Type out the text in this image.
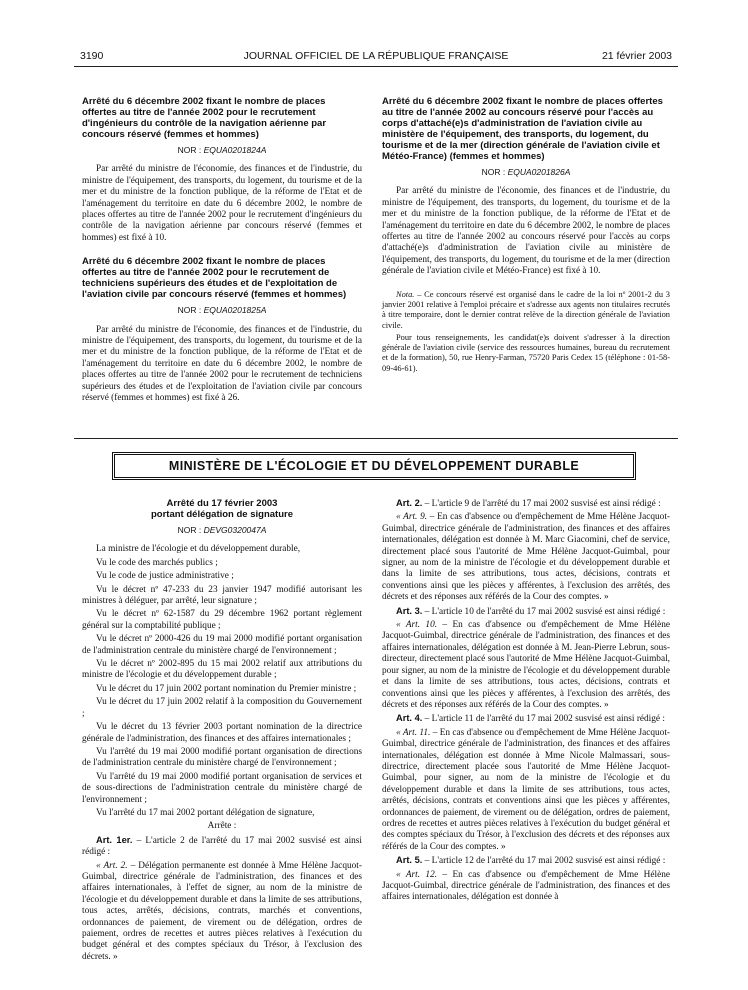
3190	JOURNAL OFFICIEL DE LA RÉPUBLIQUE FRANÇAISE	21 février 2003
Arrêté du 6 décembre 2002 fixant le nombre de places offertes au titre de l'année 2002 pour le recrutement d'ingénieurs du contrôle de la navigation aérienne par concours réservé (femmes et hommes)
NOR : EQUA0201824A

Par arrêté du ministre de l'économie, des finances et de l'industrie, du ministre de l'équipement, des transports, du logement, du tourisme et de la mer et du ministre de la fonction publique, de la réforme de l'Etat et de l'aménagement du territoire en date du 6 décembre 2002, le nombre de places offertes au titre de l'année 2002 pour le recrutement d'ingénieurs du contrôle de la navigation aérienne par concours réservé (femmes et hommes) est fixé à 10.

Arrêté du 6 décembre 2002 fixant le nombre de places offertes au titre de l'année 2002 pour le recrutement de techniciens supérieurs des études et de l'exploitation de l'aviation civile par concours réservé (femmes et hommes)
NOR : EQUA0201825A

Par arrêté du ministre de l'économie, des finances et de l'industrie, du ministre de l'équipement, des transports, du logement, du tourisme et de la mer et du ministre de la fonction publique, de la réforme de l'Etat et de l'aménagement du territoire en date du 6 décembre 2002, le nombre de places offertes au titre de l'année 2002 pour le recrutement de techniciens supérieurs des études et de l'exploitation de l'aviation civile par concours réservé (femmes et hommes) est fixé à 26.

Arrêté du 6 décembre 2002 fixant le nombre de places offertes au titre de l'année 2002 au concours réservé pour l'accès au corps d'attaché(e)s d'administration de l'aviation civile au ministère de l'équipement, des transports, du logement, du tourisme et de la mer (direction générale de l'aviation civile et Météo-France) (femmes et hommes)
NOR : EQUA0201826A

Par arrêté du ministre de l'économie, des finances et de l'industrie, du ministre de l'équipement, des transports, du logement, du tourisme et de la mer et du ministre de la fonction publique, de la réforme de l'Etat et de l'aménagement du territoire en date du 6 décembre 2002, le nombre de places offertes au titre de l'année 2002 au concours réservé pour l'accès au corps d'attaché(e)s d'administration de l'aviation civile au ministère de l'équipement, des transports, du logement, du tourisme et de la mer (direction générale de l'aviation civile et Météo-France) est fixé à 10.

Nota. – Ce concours réservé est organisé dans le cadre de la loi nº 2001-2 du 3 janvier 2001 relative à l'emploi précaire et s'adresse aux agents non titulaires recrutés à titre temporaire, dont le dernier contrat relève de la direction générale de l'aviation civile.

Pour tous renseignements, les candidat(e)s doivent s'adresser à la direction générale de l'aviation civile (service des ressources humaines, bureau du recrutement et de la formation), 50, rue Henry-Farman, 75720 Paris Cedex 15 (téléphone : 01-58-09-46-61).

MINISTÈRE DE L'ÉCOLOGIE ET DU DÉVELOPPEMENT DURABLE
Arrêté du 17 février 2003
portant délégation de signature
NOR : DEVG0320047A

La ministre de l'écologie et du développement durable,

Vu le code des marchés publics ;

Vu le code de justice administrative ;

Vu le décret nº 47-233 du 23 janvier 1947 modifié autorisant les ministres à déléguer, par arrêté, leur signature ;

Vu le décret nº 62-1587 du 29 décembre 1962 portant règlement général sur la comptabilité publique ;

Vu le décret nº 2000-426 du 19 mai 2000 modifié portant organisation de l'administration centrale du ministère chargé de l'environnement ;

Vu le décret nº 2002-895 du 15 mai 2002 relatif aux attributions du ministre de l'écologie et du développement durable ;

Vu le décret du 17 juin 2002 portant nomination du Premier ministre ;

Vu le décret du 17 juin 2002 relatif à la composition du Gouvernement ;

Vu le décret du 13 février 2003 portant nomination de la directrice générale de l'administration, des finances et des affaires internationales ;

Vu l'arrêté du 19 mai 2000 modifié portant organisation de directions de l'administration centrale du ministère chargé de l'environnement ;

Vu l'arrêté du 19 mai 2000 modifié portant organisation de services et de sous-directions de l'administration centrale du ministère chargé de l'environnement ;

Vu l'arrêté du 17 mai 2002 portant délégation de signature,

Arrête :

Art. 1er. – L'article 2 de l'arrêté du 17 mai 2002 susvisé est ainsi rédigé :

« Art. 2. – Délégation permanente est donnée à Mme Hélène Jacquot-Guimbal, directrice générale de l'administration, des finances et des affaires internationales, à l'effet de signer, au nom de la ministre de l'écologie et du développement durable et dans la limite de ses attributions, tous actes, arrêtés, décisions, contrats, marchés et conventions, ordonnances de paiement, de virement ou de délégation, ordres de paiement, ordres de recettes et autres pièces relatives à l'exécution du budget général et des comptes spéciaux du Trésor, à l'exclusion des décrets. »

Art. 2. – L'article 9 de l'arrêté du 17 mai 2002 susvisé est ainsi rédigé :

« Art. 9. – En cas d'absence ou d'empêchement de Mme Hélène Jacquot-Guimbal, directrice générale de l'administration, des finances et des affaires internationales, délégation est donnée à M. Marc Giacomini, chef de service, directement placé sous l'autorité de Mme Hélène Jacquot-Guimbal, pour signer, au nom de la ministre de l'écologie et du développement durable et dans la limite de ses attributions, tous actes, décisions, contrats et conventions ainsi que les pièces y afférentes, à l'exclusion des arrêtés, des décrets et des réponses aux référés de la Cour des comptes. »

Art. 3. – L'article 10 de l'arrêté du 17 mai 2002 susvisé est ainsi rédigé :

« Art. 10. – En cas d'absence ou d'empêchement de Mme Hélène Jacquot-Guimbal, directrice générale de l'administration, des finances et des affaires internationales, délégation est donnée à M. Jean-Pierre Lebrun, sous-directeur, directement placé sous l'autorité de Mme Hélène Jacquot-Guimbal, pour signer, au nom de la ministre de l'écologie et du développement durable et dans la limite de ses attributions, tous actes, décisions, contrats et conventions ainsi que les pièces y afférentes, à l'exclusion des arrêtés, des décrets et des réponses aux référés de la Cour des comptes. »

Art. 4. – L'article 11 de l'arrêté du 17 mai 2002 susvisé est ainsi rédigé :

« Art. 11. – En cas d'absence ou d'empêchement de Mme Hélène Jacquot-Guimbal, directrice générale de l'administration, des finances et des affaires internationales, délégation est donnée à Mme Nicole Malmassari, sous-directrice, directement placée sous l'autorité de Mme Hélène Jacquot-Guimbal, pour signer, au nom de la ministre de l'écologie et du développement durable et dans la limite de ses attributions, tous actes, arrêtés, décisions, contrats et conventions ainsi que les pièces y afférentes, ordonnances de paiement, de virement ou de délégation, ordres de paiement, ordres de recettes et autres pièces relatives à l'exécution du budget général et des comptes spéciaux du Trésor, à l'exclusion des décrets et des réponses aux référés de la Cour des comptes. »

Art. 5. – L'article 12 de l'arrêté du 17 mai 2002 susvisé est ainsi rédigé :

« Art. 12. – En cas d'absence ou d'empêchement de Mme Hélène Jacquot-Guimbal, directrice générale de l'administration, des finances et des affaires internationales, délégation est donnée à
